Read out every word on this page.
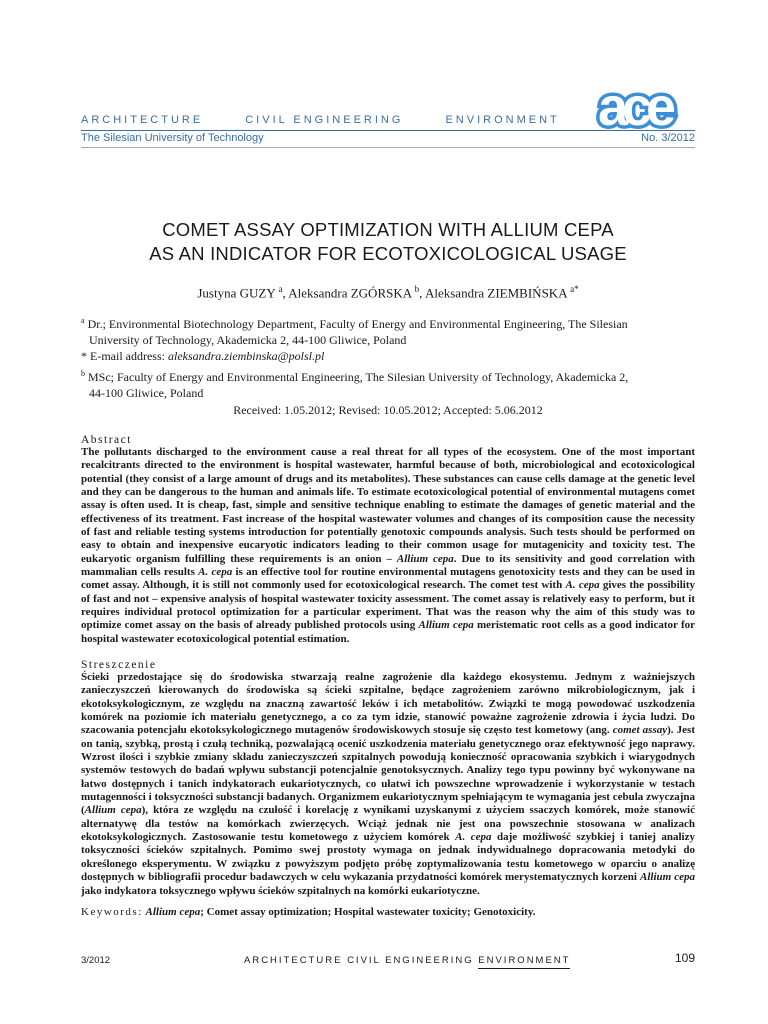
ARCHITECTURE	CIVIL ENGINEERING	ENVIRONMENT ace
The Silesian University of Technology	No. 3/2012
COMET ASSAY OPTIMIZATION WITH ALLIUM CEPA
AS AN INDICATOR FOR ECOTOXICOLOGICAL USAGE
Justyna GUZY $^a$, Aleksandra ZGÓRSKA $^b$, Aleksandra ZIEMBIŃSKA $^{a*}$
$^a$ Dr.; Environmental Biotechnology Department, Faculty of Energy and Environmental Engineering, The Silesian
University of Technology, Akademicka 2, 44-100 Gliwice, Poland
* E-mail address: aleksandra.ziembinska@polsl.pl
$^b$ MSc; Faculty of Energy and Environmental Engineering, The Silesian University of Technology, Akademicka 2,
44-100 Gliwice, Poland
Received: 1.05.2012; Revised: 10.05.2012; Accepted: 5.06.2012
Abstract
The pollutants discharged to the environment cause a real threat for all types of the ecosystem. One of the most important recalcitrants directed to the environment is hospital wastewater, harmful because of both, microbiological and ecotoxicological potential (they consist of a large amount of drugs and its metabolites). These substances can cause cells damage at the genetic level and they can be dangerous to the human and animals life. To estimate ecotoxicological potential of environmental mutagens comet assay is often used. It is cheap, fast, simple and sensitive technique enabling to estimate the damages of genetic material and the effectiveness of its treatment. Fast increase of the hospital wastewater volumes and changes of its composition cause the necessity of fast and reliable testing systems introduction for potentially genotoxic compounds analysis. Such tests should be performed on easy to obtain and inexpensive eucaryotic indicators leading to their common usage for mutagenicity and toxicity test. The eukaryotic organism fulfilling these requirements is an onion – Allium cepa. Due to its sensitivity and good correlation with mammalian cells results A. cepa is an effective tool for routine environmental mutagens genotoxicity tests and they can be used in comet assay. Although, it is still not commonly used for ecotoxicological research. The comet test with A. cepa gives the possibility of fast and not – expensive analysis of hospital wastewater toxicity assessment. The comet assay is relatively easy to perform, but it requires individual protocol optimization for a particular experiment. That was the reason why the aim of this study was to optimize comet assay on the basis of already published protocols using Allium cepa meristematic root cells as a good indicator for hospital wastewater ecotoxicological potential estimation.
Streszczenie
Ścieki przedostające się do środowiska stwarzają realne zagrożenie dla każdego ekosystemu. Jednym z ważniejszych zanieczyszczeń kierowanych do środowiska są ścieki szpitalne, będące zagrożeniem zarówno mikrobiologicznym, jak i ekotoksykologicznym, ze względu na znaczną zawartość leków i ich metabolitów. Związki te mogą powodować uszkodzenia komórek na poziomie ich materiału genetycznego, a co za tym idzie, stanowić poważne zagrożenie zdrowia i życia ludzi. Do szacowania potencjału ekotoksykologicznego mutagenów środowiskowych stosuje się często test kometowy (ang. comet assay). Jest on tanią, szybką, prostą i czułą techniką, pozwalającą ocenić uszkodzenia materiału genetycznego oraz efektywność jego naprawy. Wzrost ilości i szybkie zmiany składu zanieczyszczeń szpitalnych powodują konieczność opracowania szybkich i wiarygodnych systemów testowych do badań wpływu substancji potencjalnie genotoksycznych. Analizy tego typu powinny być wykonywane na łatwo dostępnych i tanich indykatorach eukariotycznych, co ułatwi ich powszechne wprowadzenie i wykorzystanie w testach mutagenności i toksyczności substancji badanych. Organizmem eukariotycznym spełniającym te wymagania jest cebula zwyczajna (Allium cepa), która ze względu na czułość i korelację z wynikami uzyskanymi z użyciem ssaczych komórek, może stanowić alternatywę dla testów na komórkach zwierzęcych. Wciąż jednak nie jest ona powszechnie stosowana w analizach ekotoksykologicznych. Zastosowanie testu kometowego z użyciem komórek A. cepa daje możliwość szybkiej i taniej analizy toksyczności ścieków szpitalnych. Pomimo swej prostoty wymaga on jednak indywidualnego dopracowania metodyki do określonego eksperymentu. W związku z powyższym podjęto próbę zoptymalizowania testu kometowego w oparciu o analizę dostępnych w bibliografii procedur badawczych w celu wykazania przydatności komórek merystematycznych korzeni Allium cepa jako indykatora toksycznego wpływu ścieków szpitalnych na komórki eukariotyczne.
Keywords: Allium cepa; Comet assay optimization; Hospital wastewater toxicity; Genotoxicity.
3/2012	ARCHITECTURE CIVIL ENGINEERING ENVIRONMENT	109
